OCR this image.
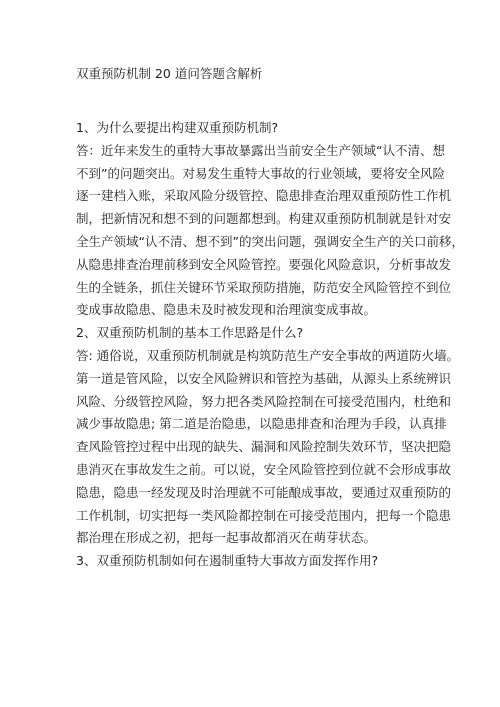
双重预防机制 20 道问答题含解析
1、为什么要提出构建双重预防机制?
答：近年来发生的重特大事故暴露出当前安全生产领域“认不清、想
不到”的问题突出。对易发生重特大事故的行业领域，要将安全风险
逐一建档入账，采取风险分级管控、隐患排查治理双重预防性工作机
制，把新情况和想不到的问题都想到。构建双重预防机制就是针对安
全生产领域“认不清、想不到”的突出问题，强调安全生产的关口前移，
从隐患排查治理前移到安全风险管控。要强化风险意识，分析事故发
生的全链条，抓住关键环节采取预防措施，防范安全风险管控不到位
变成事故隐患、隐患未及时被发现和治理演变成事故。
2、双重预防机制的基本工作思路是什么?
答: 通俗说，双重预防机制就是构筑防范生产安全事故的两道防火墙。
第一道是管风险，以安全风险辨识和管控为基础，从源头上系统辨识
风险、分级管控风险，努力把各类风险控制在可接受范围内，杜绝和
减少事故隐患; 第二道是治隐患，以隐患排查和治理为手段，认真排
查风险管控过程中出现的缺失、漏洞和风险控制失效环节，坚决把隐
患消灭在事故发生之前。可以说，安全风险管控到位就不会形成事故
隐患，隐患一经发现及时治理就不可能酿成事故，要通过双重预防的
工作机制，切实把每一类风险都控制在可接受范围内，把每一个隐患
都治理在形成之初，把每一起事故都消灭在萌芽状态。
3、双重预防机制如何在遏制重特大事故方面发挥作用?
